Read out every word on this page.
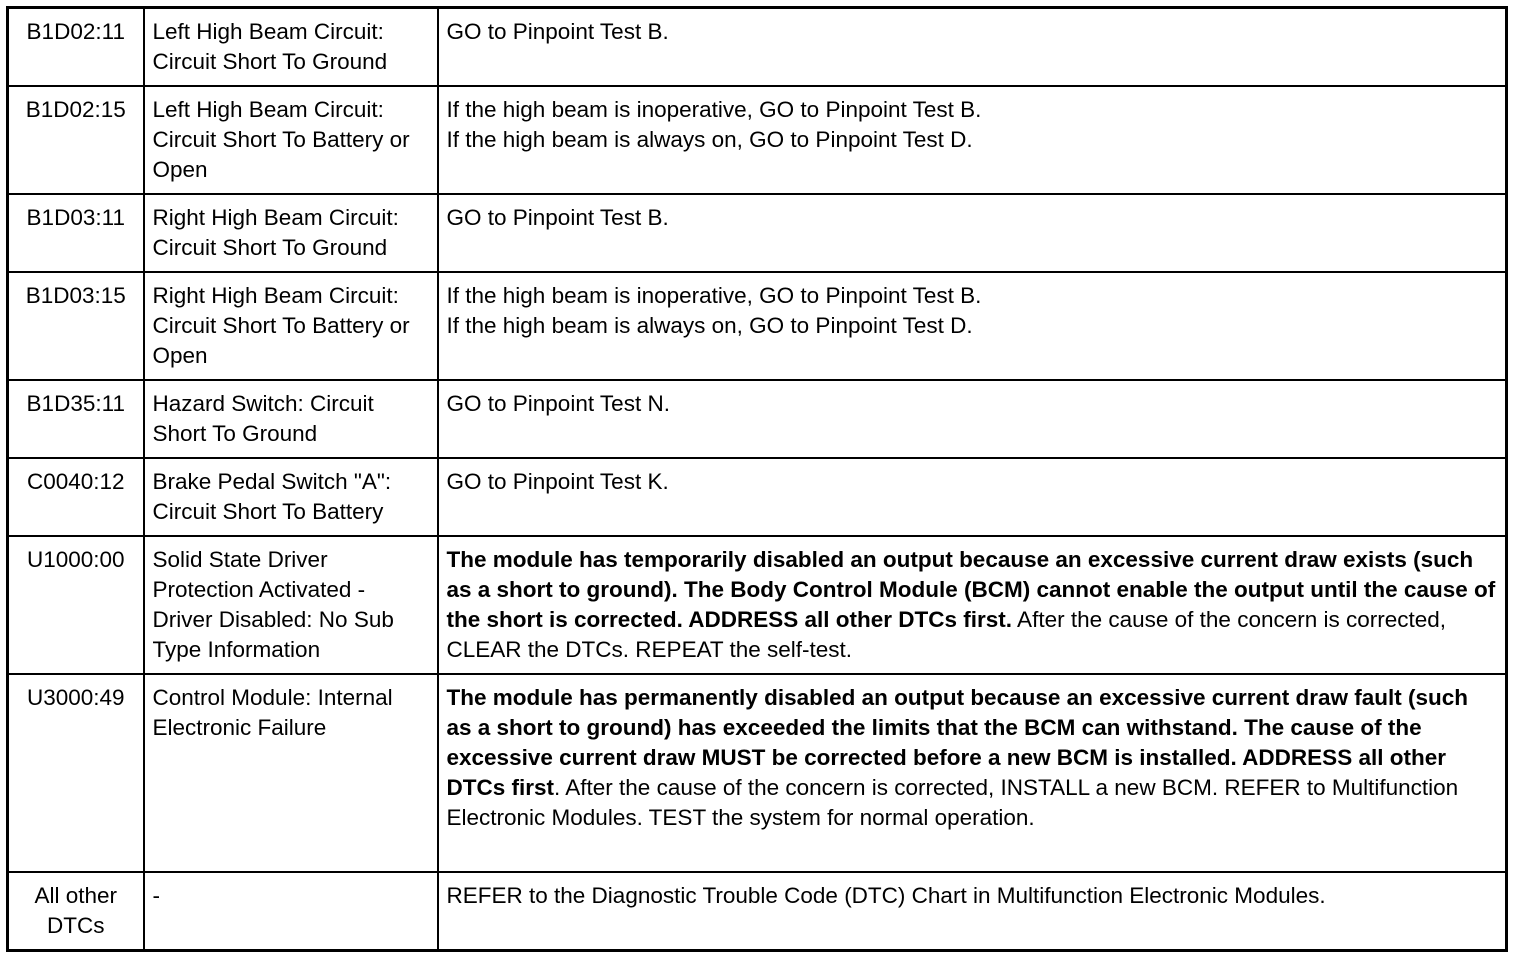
B1D02:11	Left High Beam Circuit: Circuit Short To Ground	GO to Pinpoint Test B.
B1D02:15	Left High Beam Circuit: Circuit Short To Battery or Open	If the high beam is inoperative, GO to Pinpoint Test B.
If the high beam is always on, GO to Pinpoint Test D.

B1D03:11	Right High Beam Circuit: Circuit Short To Ground	GO to Pinpoint Test B.
B1D03:15	Right High Beam Circuit: Circuit Short To Battery or Open	If the high beam is inoperative, GO to Pinpoint Test B.
If the high beam is always on, GO to Pinpoint Test D.

B1D35:11	Hazard Switch: Circuit Short To Ground	GO to Pinpoint Test N.
C0040:12	Brake Pedal Switch "A": Circuit Short To Battery	GO to Pinpoint Test K.
U1000:00	Solid State Driver Protection Activated - Driver Disabled: No Sub Type Information	The module has temporarily disabled an output because an excessive current draw exists (such as a short to ground). The Body Control Module (BCM) cannot enable the output until the cause of the short is corrected. ADDRESS all other DTCs first. After the cause of the concern is corrected, CLEAR the DTCs. REPEAT the self-test.
U3000:49	Control Module: Internal Electronic Failure	The module has permanently disabled an output because an excessive current draw fault (such as a short to ground) has exceeded the limits that the BCM can withstand. The cause of the excessive current draw MUST be corrected before a new BCM is installed. ADDRESS all other DTCs first. After the cause of the concern is corrected, INSTALL a new BCM. REFER to Multifunction Electronic Modules. TEST the system for normal operation.
All other DTCs	-	REFER to the Diagnostic Trouble Code (DTC) Chart in Multifunction Electronic Modules.
